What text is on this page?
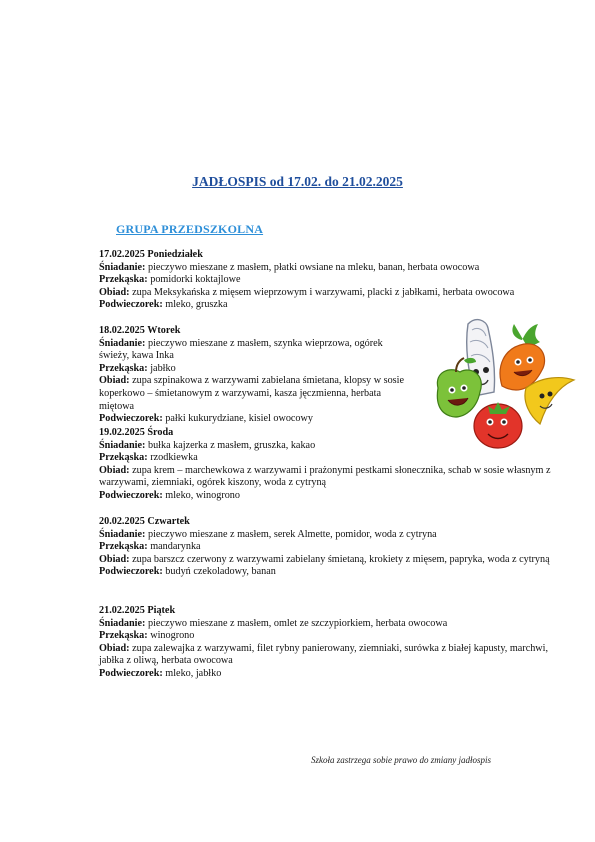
JADŁOSPIS od 17.02. do 21.02.2025
GRUPA PRZEDSZKOLNA
17.02.2025 Poniedziałek
Śniadanie: pieczywo mieszane z masłem, płatki owsiane na mleku, banan, herbata owocowa
Przekąska: pomidorki koktajlowe
Obiad: zupa Meksykańska z mięsem wieprzowym i warzywami, placki z jabłkami, herbata owocowa
Podwieczorek: mleko, gruszka
18.02.2025 Wtorek
Śniadanie: pieczywo mieszane z masłem, szynka wieprzowa, ogórek świeży, kawa Inka
Przekąska: jabłko
Obiad: zupa szpinakowa z warzywami zabielana śmietana, klopsy w sosie koperkowo – śmietanowym z warzywami, kasza jęczmienna, herbata miętowa
Podwieczorek: pałki kukurydziane, kisiel owocowy
19.02.2025 Środa
Śniadanie: bułka kajzerka z masłem, gruszka, kakao
Przekąska: rzodkiewka
Obiad: zupa krem – marchewkowa z warzywami i prażonymi pestkami słonecznika, schab w sosie własnym z warzywami, ziemniaki, ogórek kiszony, woda z cytryną
Podwieczorek: mleko, winogrono
20.02.2025 Czwartek
Śniadanie: pieczywo mieszane z masłem, serek Almette, pomidor, woda z cytryna
Przekąska: mandarynka
Obiad: zupa barszcz czerwony z warzywami zabielany śmietaną, krokiety z mięsem, papryka, woda z cytryną
Podwieczorek: budyń czekoladowy, banan
21.02.2025 Piątek
Śniadanie: pieczywo mieszane z masłem, omlet ze szczypiorkiem, herbata owocowa
Przekąska: winogrono
Obiad: zupa zalewajka z warzywami, filet rybny panierowany, ziemniaki, surówka z białej kapusty, marchwi, jabłka z oliwą, herbata owocowa
Podwieczorek: mleko, jabłko
Szkoła zastrzega sobie prawo do zmiany jadłospis
